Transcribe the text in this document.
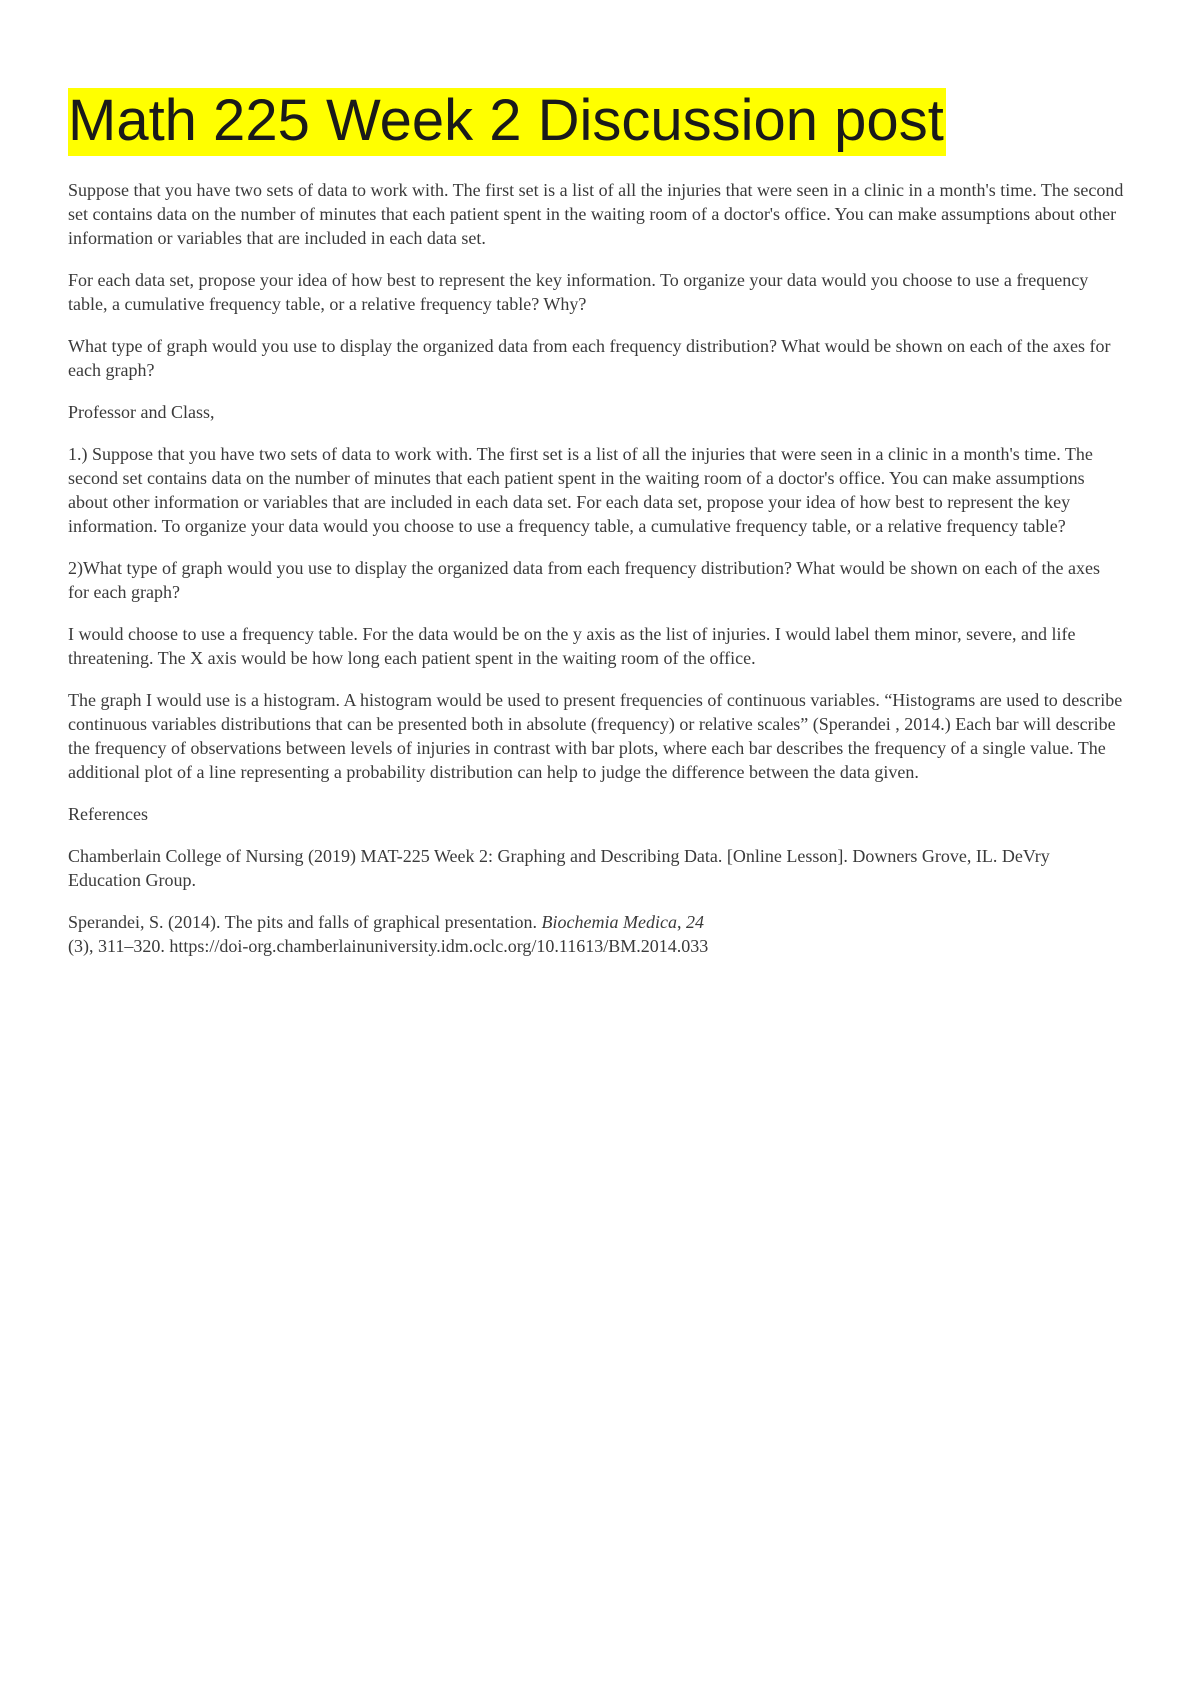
Math 225 Week 2 Discussion post

Suppose that you have two sets of data to work with. The first set is a list of all the injuries that were seen in a clinic in a month's time. The second set contains data on the number of minutes that each patient spent in the waiting room of a doctor's office. You can make assumptions about other information or variables that are included in each data set.

For each data set, propose your idea of how best to represent the key information. To organize your data would you choose to use a frequency table, a cumulative frequency table, or a relative frequency table? Why?

What type of graph would you use to display the organized data from each frequency distribution? What would be shown on each of the axes for each graph?

Professor and Class,

1.) Suppose that you have two sets of data to work with. The first set is a list of all the injuries that were seen in a clinic in a month's time. The second set contains data on the number of minutes that each patient spent in the waiting room of a doctor's office. You can make assumptions about other information or variables that are included in each data set. For each data set, propose your idea of how best to represent the key information. To organize your data would you choose to use a frequency table, a cumulative frequency table, or a relative frequency table?

2)What type of graph would you use to display the organized data from each frequency distribution? What would be shown on each of the axes for each graph?

I would choose to use a frequency table. For the data would be on the y axis as the list of injuries. I would label them minor, severe, and life threatening. The X axis would be how long each patient spent in the waiting room of the office.

The graph I would use is a histogram. A histogram would be used to present frequencies of continuous variables. “Histograms are used to describe continuous variables distributions that can be presented both in absolute (frequency) or relative scales” (Sperandei , 2014.) Each bar will describe the frequency of observations between levels of injuries in contrast with bar plots, where each bar describes the frequency of a single value. The additional plot of a line representing a probability distribution can help to judge the difference between the data given.

References

Chamberlain College of Nursing (2019) MAT-225 Week 2: Graphing and Describing Data. [Online Lesson]. Downers Grove, IL. DeVry Education Group.

Sperandei, S. (2014). The pits and falls of graphical presentation. Biochemia Medica, 24
(3), 311–320. https://doi-org.chamberlainuniversity.idm.oclc.org/10.11613/BM.2014.033
